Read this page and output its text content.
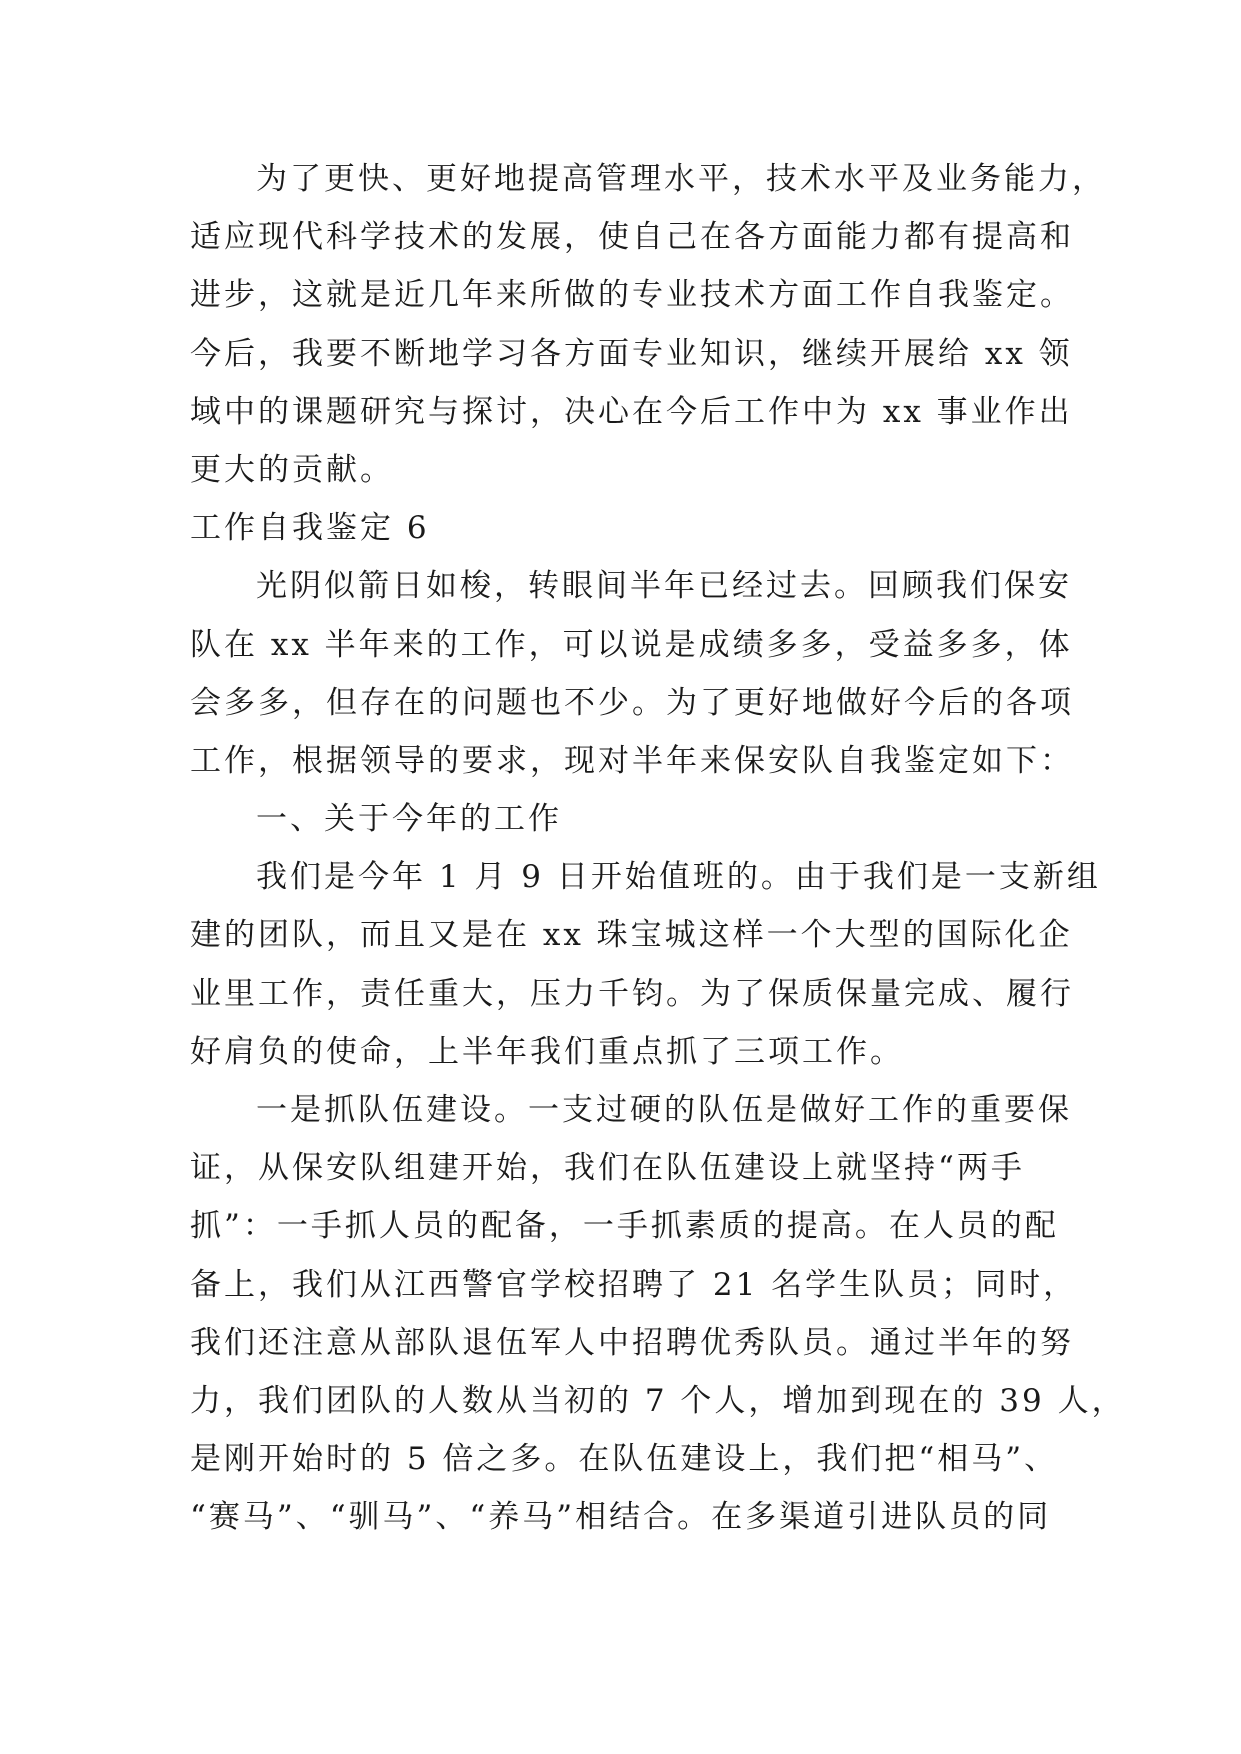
为了更快、更好地提高管理水平，技术水平及业务能力，
适应现代科学技术的发展，使自己在各方面能力都有提高和
进步，这就是近几年来所做的专业技术方面工作自我鉴定。
今后，我要不断地学习各方面专业知识，继续开展给 xx 领
域中的课题研究与探讨，决心在今后工作中为 xx 事业作出
更大的贡献。
工作自我鉴定 6
光阴似箭日如梭，转眼间半年已经过去。回顾我们保安
队在 xx 半年来的工作，可以说是成绩多多，受益多多，体
会多多，但存在的问题也不少。为了更好地做好今后的各项
工作，根据领导的要求，现对半年来保安队自我鉴定如下：
一、关于今年的工作
我们是今年 1 月 9 日开始值班的。由于我们是一支新组
建的团队，而且又是在 xx 珠宝城这样一个大型的国际化企
业里工作，责任重大，压力千钧。为了保质保量完成、履行
好肩负的使命，上半年我们重点抓了三项工作。
一是抓队伍建设。一支过硬的队伍是做好工作的重要保
证，从保安队组建开始，我们在队伍建设上就坚持“两手
抓”：一手抓人员的配备，一手抓素质的提高。在人员的配
备上，我们从江西警官学校招聘了 21 名学生队员；同时，
我们还注意从部队退伍军人中招聘优秀队员。通过半年的努
力，我们团队的人数从当初的 7 个人，增加到现在的 39 人，
是刚开始时的 5 倍之多。在队伍建设上，我们把“相马”、
“赛马”、“驯马”、“养马”相结合。在多渠道引进队员的同
